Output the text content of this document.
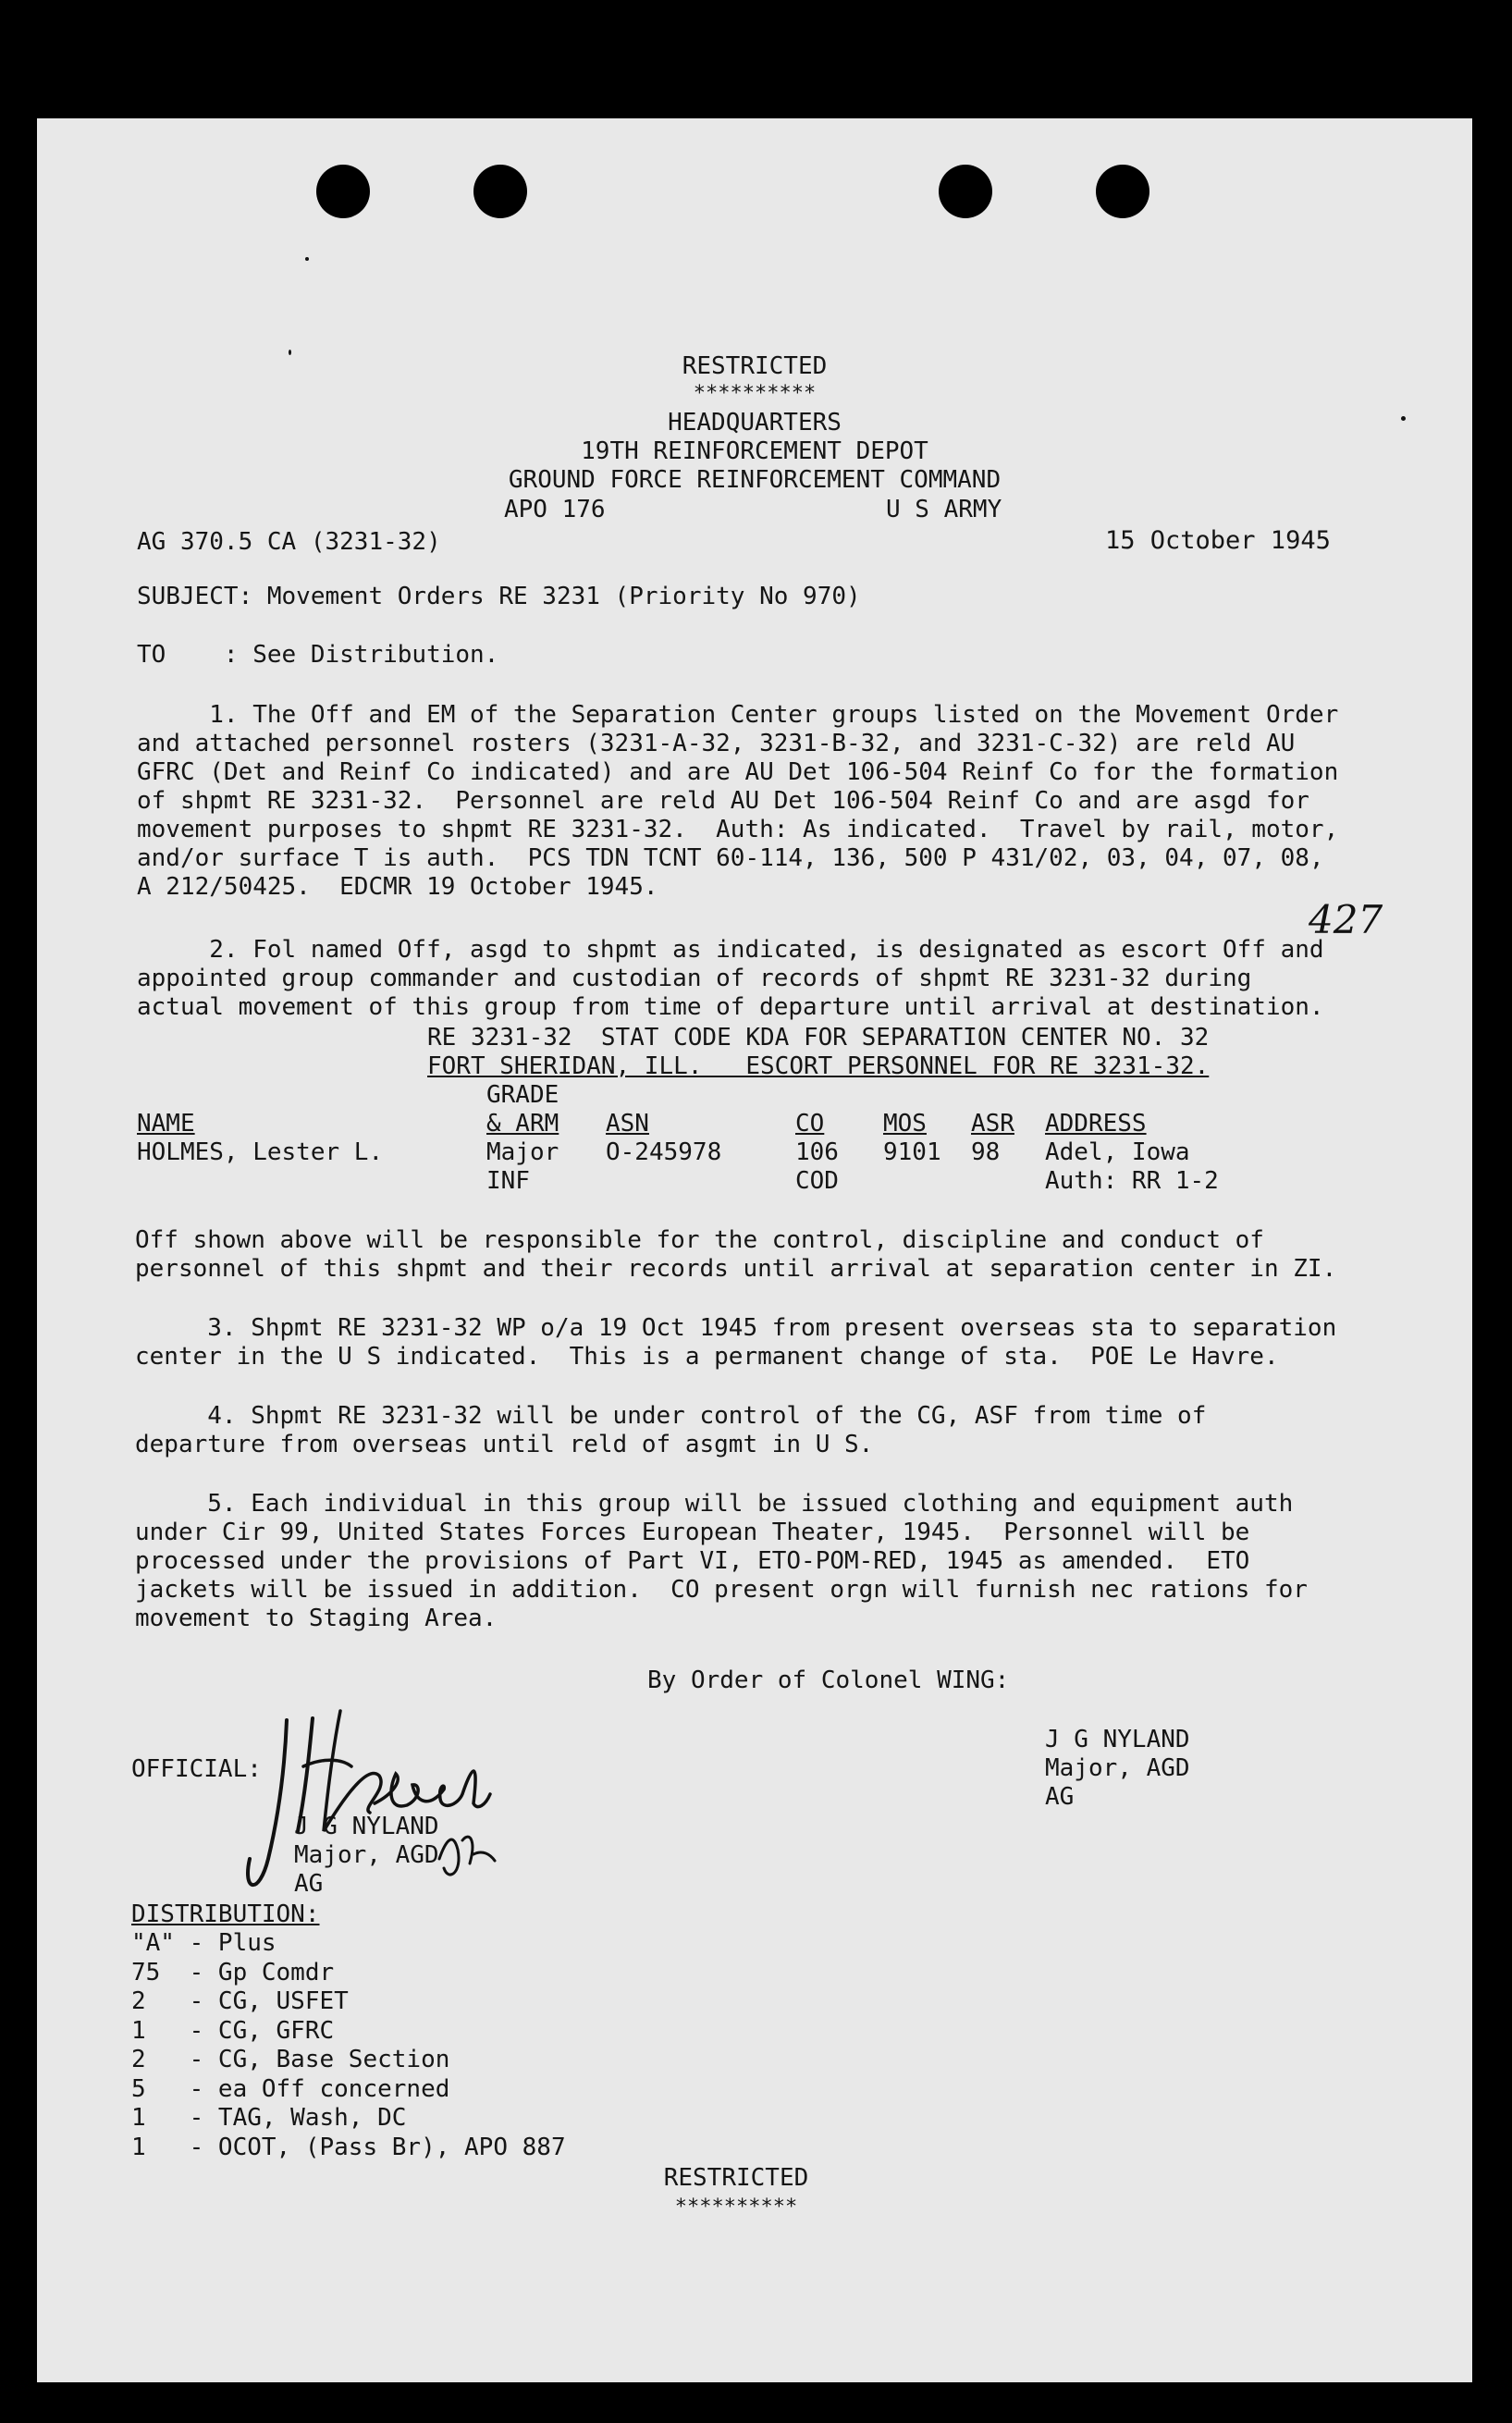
RESTRICTED
**********
HEADQUARTERS
19TH REINFORCEMENT DEPOT
GROUND FORCE REINFORCEMENT COMMAND
APO 176	U S ARMY
AG 370.5 CA (3231-32)	15 October 1945
SUBJECT: Movement Orders RE 3231 (Priority No 970)
TO    : See Distribution.
1. The Off and EM of the Separation Center groups listed on the Movement Order
and attached personnel rosters (3231-A-32, 3231-B-32, and 3231-C-32) are reld AU
GFRC (Det and Reinf Co indicated) and are AU Det 106-504 Reinf Co for the formation
of shpmt RE 3231-32.  Personnel are reld AU Det 106-504 Reinf Co and are asgd for
movement purposes to shpmt RE 3231-32.  Auth: As indicated.  Travel by rail, motor,
and/or surface T is auth.  PCS TDN TCNT 60-114, 136, 500 P 431/02, 03, 04, 07, 08,
A 212/50425.  EDCMR 19 October 1945.
427
2. Fol named Off, asgd to shpmt as indicated, is designated as escort Off and
appointed group commander and custodian of records of shpmt RE 3231-32 during
actual movement of this group from time of departure until arrival at destination.
RE 3231-32  STAT CODE KDA FOR SEPARATION CENTER NO. 32
FORT SHERIDAN, ILL.   ESCORT PERSONNEL FOR RE 3231-32.
GRADE
NAME	& ARM ASN	CO MOS ASR ADDRESS
HOLMES, Lester L.	Major O-245978	106 9101 98 Adel, Iowa
INF	COD	Auth: RR 1-2
Off shown above will be responsible for the control, discipline and conduct of
personnel of this shpmt and their records until arrival at separation center in ZI.
3. Shpmt RE 3231-32 WP o/a 19 Oct 1945 from present overseas sta to separation
center in the U S indicated.  This is a permanent change of sta.  POE Le Havre.
4. Shpmt RE 3231-32 will be under control of the CG, ASF from time of
departure from overseas until reld of asgmt in U S.
5. Each individual in this group will be issued clothing and equipment auth
under Cir 99, United States Forces European Theater, 1945.  Personnel will be
processed under the provisions of Part VI, ETO-POM-RED, 1945 as amended.  ETO
jackets will be issued in addition.  CO present orgn will furnish nec rations for
movement to Staging Area.
By Order of Colonel WING:
J G NYLAND
Major, AGD
AG
OFFICIAL:
J G NYLAND
Major, AGD
AG
DISTRIBUTION:
"A" - Plus
75  - Gp Comdr
2   - CG, USFET
1   - CG, GFRC
2   - CG, Base Section
5   - ea Off concerned
1   - TAG, Wash, DC
1   - OCOT, (Pass Br), APO 887
RESTRICTED
**********
